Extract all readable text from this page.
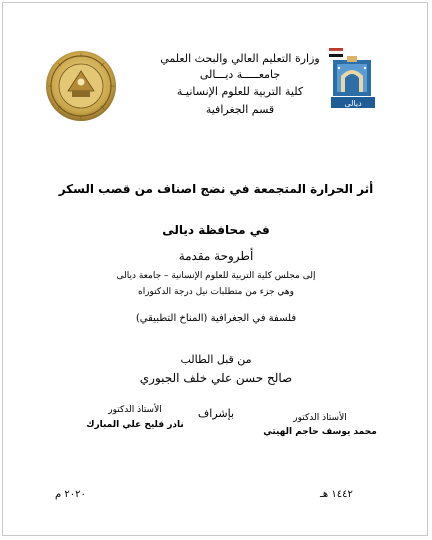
وزارة التعليم العالي والبحث العلمي
جامعـــــة ديـــالى
كلية التربية للعلوم الإنسانيـة
قسم الجغرافية	ديالى
أثر الحرارة المتجمعة في نضج اصناف من قصب السكر
في محافظة ديالى
أطروحة مقدمة
إلى مجلس كلية التربية للعلوم الإنسانية – جامعة ديالى
وهي جزء من متطلبات نيل درجة الدكتوراه
فلسفة في الجغرافية (المناخ التطبيقي)
من قبل الطالب
صالح حسن علي خلف الجبوري
بإشراف	الأستاذ الدكتور
محمد يوسف حاجم الهيتي
الأستاذ الدكتور
نادر فليح علي المبارك
١٤٤٢ هـ
٢٠٢٠ م
